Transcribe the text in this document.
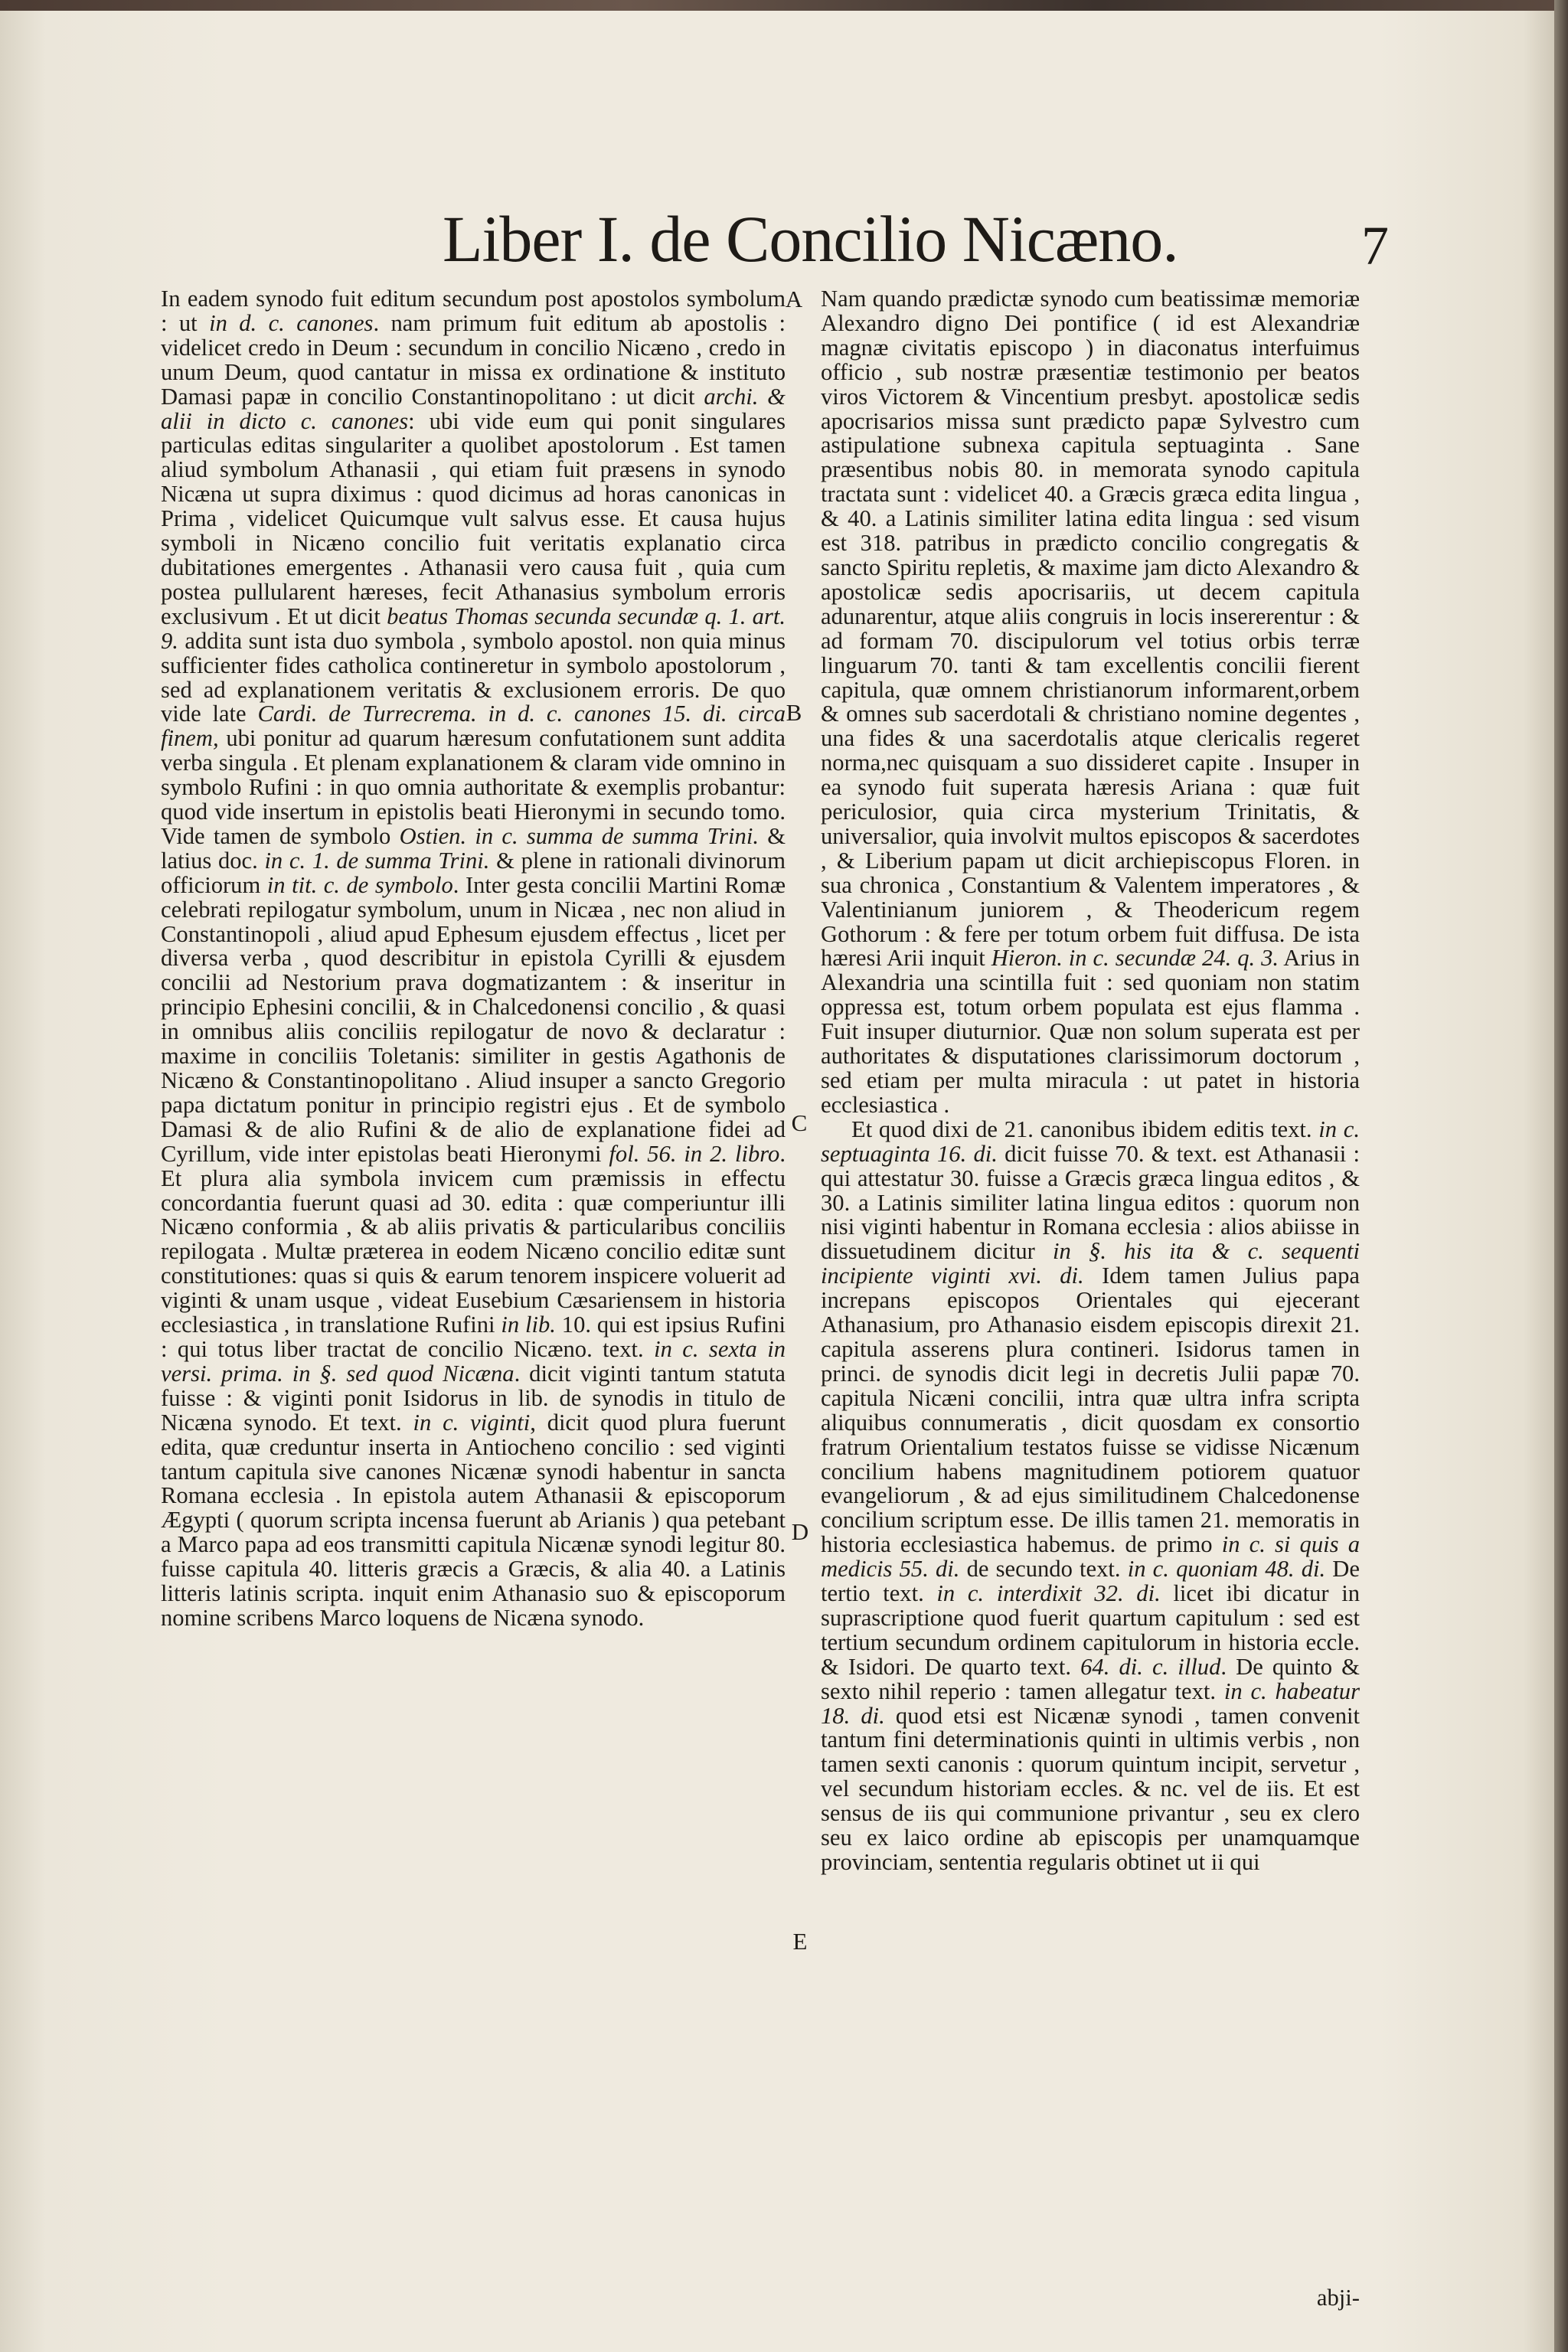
Liber I. de Concilio Nicæno.	7

In eadem synodo fuit editum secundum post apostolos symbolum : ut in d. c. canones. nam primum fuit editum ab apostolis : videlicet credo in Deum : secundum in concilio Nicæno , credo in unum Deum, quod cantatur in missa ex ordinatione & instituto Damasi papæ in concilio Constantinopolitano : ut dicit archi. & alii in dicto c. canones: ubi vide eum qui ponit singulares particulas editas singulariter a quolibet apostolorum . Est tamen aliud symbolum Athanasii , qui etiam fuit præsens in synodo Nicæna ut supra diximus : quod dicimus ad horas canonicas in Prima , videlicet Quicumque vult salvus esse. Et causa hujus symboli in Nicæno concilio fuit veritatis explanatio circa dubitationes emergentes . Athanasii vero causa fuit , quia cum postea pullularent hæreses, fecit Athanasius symbolum erroris exclusivum . Et ut dicit beatus Thomas secunda secundæ q. 1. art. 9. addita sunt ista duo symbola , symbolo apostol. non quia minus sufficienter fides catholica contineretur in symbolo apostolorum , sed ad explanationem veritatis & exclusionem erroris. De quo vide late Cardi. de Turrecrema. in d. c. canones 15. di. circa finem, ubi ponitur ad quarum hæresum confutationem sunt addita verba singula . Et plenam explanationem & claram vide omnino in symbolo Rufini : in quo omnia authoritate & exemplis probantur: quod vide insertum in epistolis beati Hieronymi in secundo tomo. Vide tamen de symbolo Ostien. in c. summa de summa Trini. & latius doc. in c. 1. de summa Trini. & plene in rationali divinorum officiorum in tit. c. de symbolo. Inter gesta concilii Martini Romæ celebrati repilogatur symbolum, unum in Nicæa , nec non aliud in Constantinopoli , aliud apud Ephesum ejusdem effectus , licet per diversa verba , quod describitur in epistola Cyrilli & ejusdem concilii ad Nestorium prava dogmatizantem : & inseritur in principio Ephesini concilii, & in Chalcedonensi concilio , & quasi in omnibus aliis conciliis repilogatur de novo & declaratur : maxime in conciliis Toletanis: similiter in gestis Agathonis de Nicæno & Constantinopolitano . Aliud insuper a sancto Gregorio papa dictatum ponitur in principio registri ejus . Et de symbolo Damasi & de alio Rufini & de alio de explanatione fidei ad Cyrillum, vide inter epistolas beati Hieronymi fol. 56. in 2. libro. Et plura alia symbola invicem cum præmissis in effectu concordantia fuerunt quasi ad 30. edita : quæ comperiuntur illi Nicæno conformia , & ab aliis privatis & particularibus conciliis repilogata . Multæ præterea in eodem Nicæno concilio editæ sunt constitutiones: quas si quis & earum tenorem inspicere voluerit ad viginti & unam usque , videat Eusebium Cæsariensem in historia ecclesiastica , in translatione Rufini in lib. 10. qui est ipsius Rufini : qui totus liber tractat de concilio Nicæno. text. in c. sexta in versi. prima. in §. sed quod Nicæna. dicit viginti tantum statuta fuisse : & viginti ponit Isidorus in lib. de synodis in titulo de Nicæna synodo. Et text. in c. viginti, dicit quod plura fuerunt edita, quæ creduntur inserta in Antiocheno concilio : sed viginti tantum capitula sive canones Nicænæ synodi habentur in sancta Romana ecclesia . In epistola autem Athanasii & episcoporum Ægypti ( quorum scripta incensa fuerunt ab Arianis ) qua petebant a Marco papa ad eos transmitti capitula Nicænæ synodi legitur 80. fuisse capitula 40. litteris græcis a Græcis, & alia 40. a Latinis litteris latinis scripta. inquit enim Athanasio suo & episcoporum nomine scribens Marco loquens de Nicæna synodo.

A
B
C
D
E

Nam quando prædictæ synodo cum beatissimæ memoriæ Alexandro digno Dei pontifice ( id est Alexandriæ magnæ civitatis episcopo ) in diaconatus interfuimus officio , sub nostræ præsentiæ testimonio per beatos viros Victorem & Vincentium presbyt. apostolicæ sedis apocrisarios missa sunt prædicto papæ Sylvestro cum astipulatione subnexa capitula septuaginta . Sane præsentibus nobis 80. in memorata synodo capitula tractata sunt : videlicet 40. a Græcis græca edita lingua , & 40. a Latinis similiter latina edita lingua : sed visum est 318. patribus in prædicto concilio congregatis & sancto Spiritu repletis, & maxime jam dicto Alexandro & apostolicæ sedis apocrisariis, ut decem capitula adunarentur, atque aliis congruis in locis insererentur : & ad formam 70. discipulorum vel totius orbis terræ linguarum 70. tanti & tam excellentis concilii fierent capitula, quæ omnem christianorum informarent,orbem & omnes sub sacerdotali & christiano nomine degentes , una fides & una sacerdotalis atque clericalis regeret norma,nec quisquam a suo dissideret capite . Insuper in ea synodo fuit superata hæresis Ariana : quæ fuit periculosior, quia circa mysterium Trinitatis, & universalior, quia involvit multos episcopos & sacerdotes , & Liberium papam ut dicit archiepiscopus Floren. in sua chronica , Constantium & Valentem imperatores , & Valentinianum juniorem , & Theodericum regem Gothorum : & fere per totum orbem fuit diffusa. De ista hæresi Arii inquit Hieron. in c. secundæ 24. q. 3. Arius in Alexandria una scintilla fuit : sed quoniam non statim oppressa est, totum orbem populata est ejus flamma . Fuit insuper diuturnior. Quæ non solum superata est per authoritates & disputationes clarissimorum doctorum , sed etiam per multa miracula : ut patet in historia ecclesiastica .

Et quod dixi de 21. canonibus ibidem editis text. in c. septuaginta 16. di. dicit fuisse 70. & text. est Athanasii : qui attestatur 30. fuisse a Græcis græca lingua editos , & 30. a Latinis similiter latina lingua editos : quorum non nisi viginti habentur in Romana ecclesia : alios abiisse in dissuetudinem dicitur in §. his ita & c. sequenti incipiente viginti xvi. di. Idem tamen Julius papa increpans episcopos Orientales qui ejecerant Athanasium, pro Athanasio eisdem episcopis direxit 21. capitula asserens plura contineri. Isidorus tamen in princi. de synodis dicit legi in decretis Julii papæ 70. capitula Nicæni concilii, intra quæ ultra infra scripta aliquibus connumeratis , dicit quosdam ex consortio fratrum Orientalium testatos fuisse se vidisse Nicænum concilium habens magnitudinem potiorem quatuor evangeliorum , & ad ejus similitudinem Chalcedonense concilium scriptum esse. De illis tamen 21. memoratis in historia ecclesiastica habemus. de primo in c. si quis a medicis 55. di. de secundo text. in c. quoniam 48. di. De tertio text. in c. interdixit 32. di. licet ibi dicatur in suprascriptione quod fuerit quartum capitulum : sed est tertium secundum ordinem capitulorum in historia eccle. & Isidori. De quarto text. 64. di. c. illud. De quinto & sexto nihil reperio : tamen allegatur text. in c. habeatur 18. di. quod etsi est Nicænæ synodi , tamen convenit tantum fini determinationis quinti in ultimis verbis , non tamen sexti canonis : quorum quintum incipit, servetur , vel secundum historiam eccles. & nc. vel de iis. Et est sensus de iis qui communione privantur , seu ex clero seu ex laico ordine ab episcopis per unamquamque provinciam, sententia regularis obtinet ut ii qui

abji-
